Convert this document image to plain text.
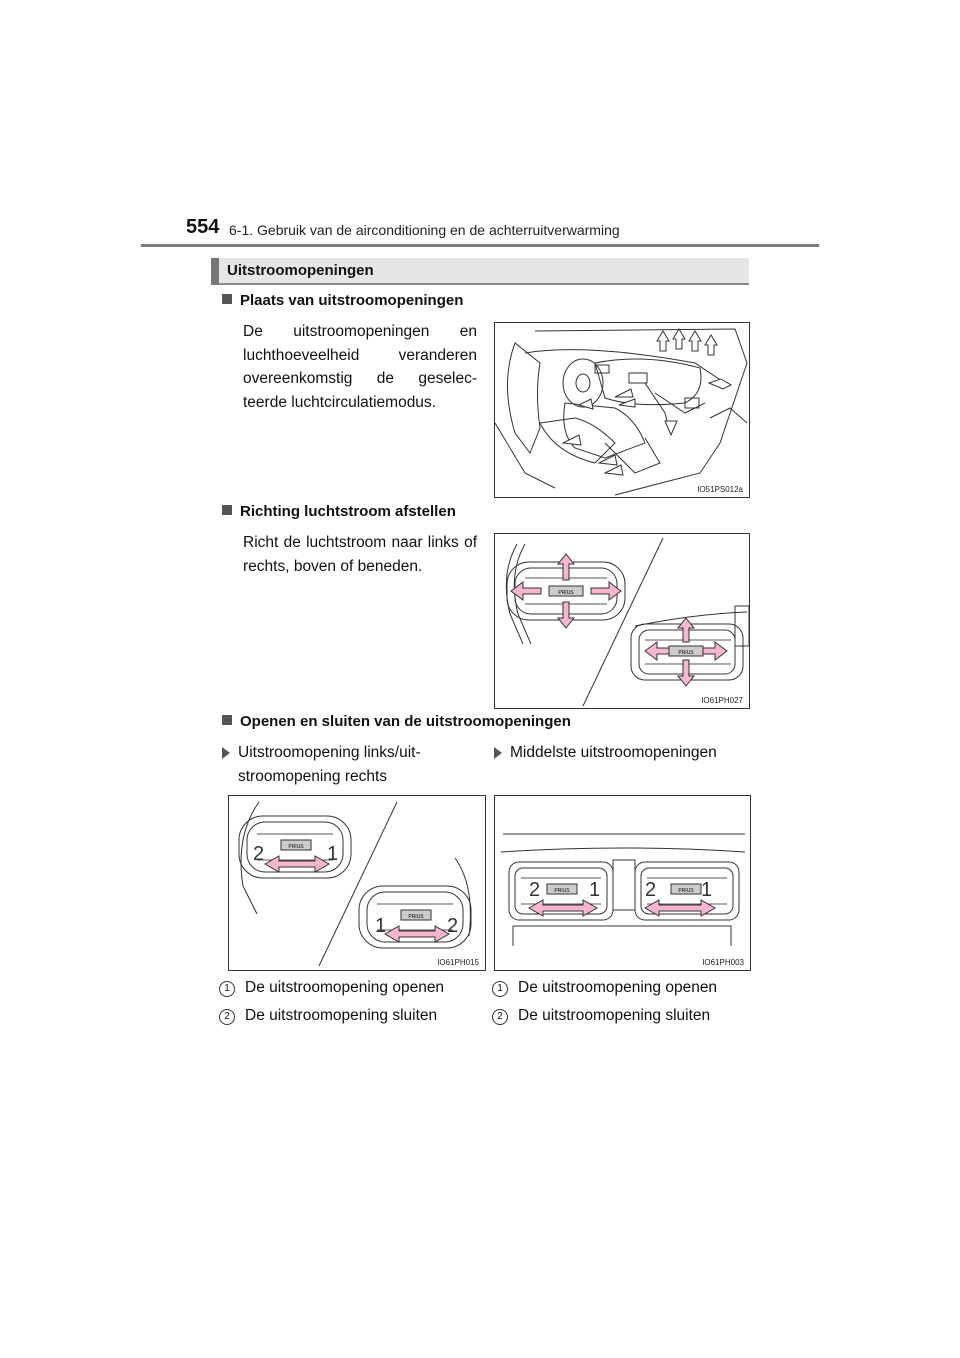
554 6-1. Gebruik van de airconditioning en de achterruitverwarming
Uitstroomopeningen
Plaats van uitstroomopeningen
De uitstroomopeningen en luchthoeveelheid veranderen overeenkomstig de geselec-teerde luchtcirculatiemodus.
IO51PS012a
Richting luchtstroom afstellen
Richt de luchtstroom naar links of rechts, boven of beneden.
PRIUS
PRIUS
IO61PH027
Openen en sluiten van de uitstroomopeningen
Uitstroomopening links/uit-stroomopening rechts
Middelste uitstroomopeningen
PRIUS
PRIUS
2	1
1	2
IO61PH015
PRIUS	PRIUS
2 1 2 1
IO61PH003
1 De uitstroomopening openen
2 De uitstroomopening sluiten
1 De uitstroomopening openen
2 De uitstroomopening sluiten
